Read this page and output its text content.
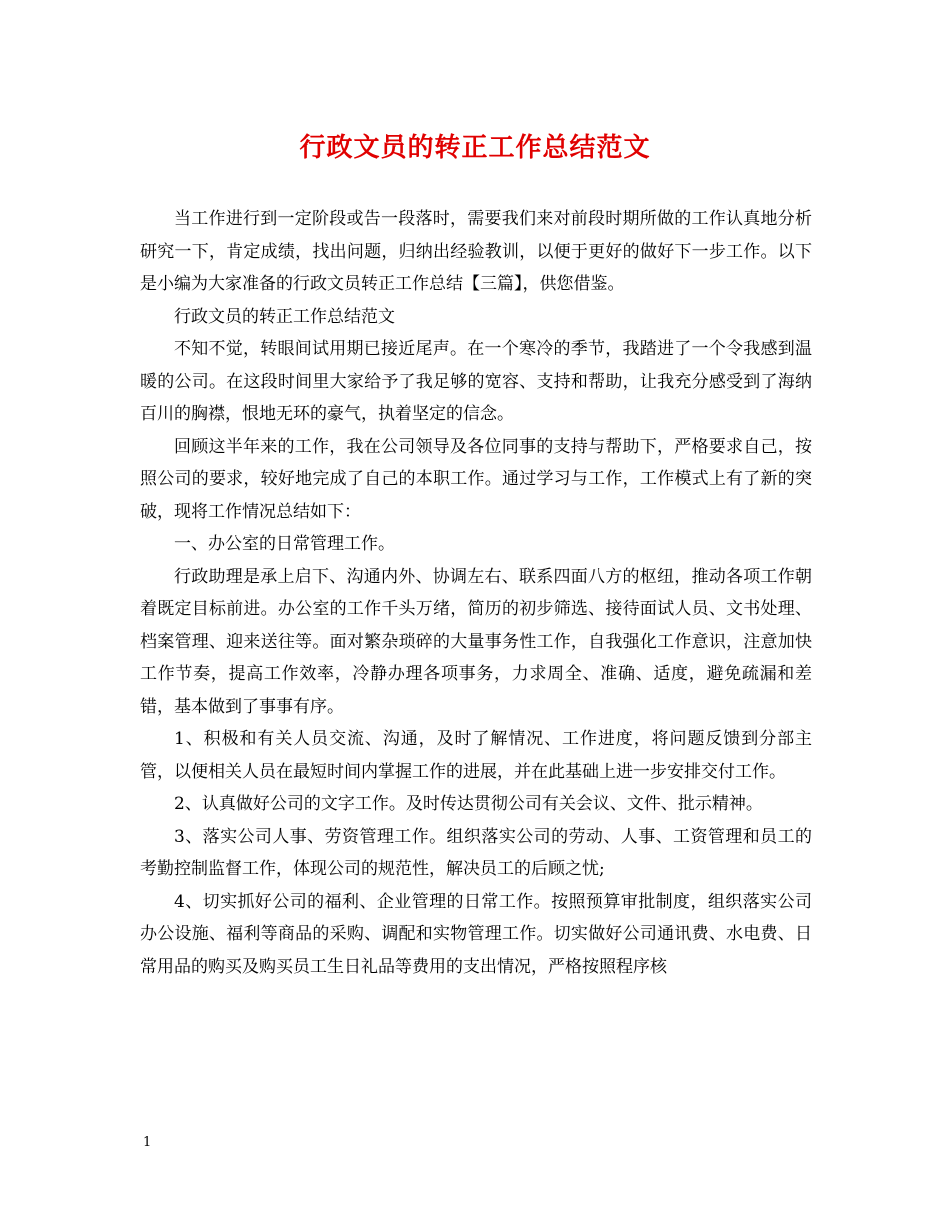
行政文员的转正工作总结范文

当工作进行到一定阶段或告一段落时，需要我们来对前段时期所做的工作认真地分析研究一下，肯定成绩，找出问题，归纳出经验教训，以便于更好的做好下一步工作。以下是小编为大家准备的行政文员转正工作总结【三篇】，供您借鉴。

行政文员的转正工作总结范文

不知不觉，转眼间试用期已接近尾声。在一个寒冷的季节，我踏进了一个令我感到温暖的公司。在这段时间里大家给予了我足够的宽容、支持和帮助，让我充分感受到了海纳百川的胸襟，恨地无环的豪气，执着坚定的信念。

回顾这半年来的工作，我在公司领导及各位同事的支持与帮助下，严格要求自己，按照公司的要求，较好地完成了自己的本职工作。通过学习与工作，工作模式上有了新的突破，现将工作情况总结如下：

一、办公室的日常管理工作。

行政助理是承上启下、沟通内外、协调左右、联系四面八方的枢纽，推动各项工作朝着既定目标前进。办公室的工作千头万绪，简历的初步筛选、接待面试人员、文书处理、档案管理、迎来送往等。面对繁杂琐碎的大量事务性工作，自我强化工作意识，注意加快工作节奏，提高工作效率，冷静办理各项事务，力求周全、准确、适度，避免疏漏和差错，基本做到了事事有序。

1、积极和有关人员交流、沟通，及时了解情况、工作进度，将问题反馈到分部主管，以便相关人员在最短时间内掌握工作的进展，并在此基础上进一步安排交付工作。

2、认真做好公司的文字工作。及时传达贯彻公司有关会议、文件、批示精神。

3、落实公司人事、劳资管理工作。组织落实公司的劳动、人事、工资管理和员工的考勤控制监督工作，体现公司的规范性，解决员工的后顾之忧;

4、切实抓好公司的福利、企业管理的日常工作。按照预算审批制度，组织落实公司办公设施、福利等商品的采购、调配和实物管理工作。切实做好公司通讯费、水电费、日常用品的购买及购买员工生日礼品等费用的支出情况，严格按照程序核

1
